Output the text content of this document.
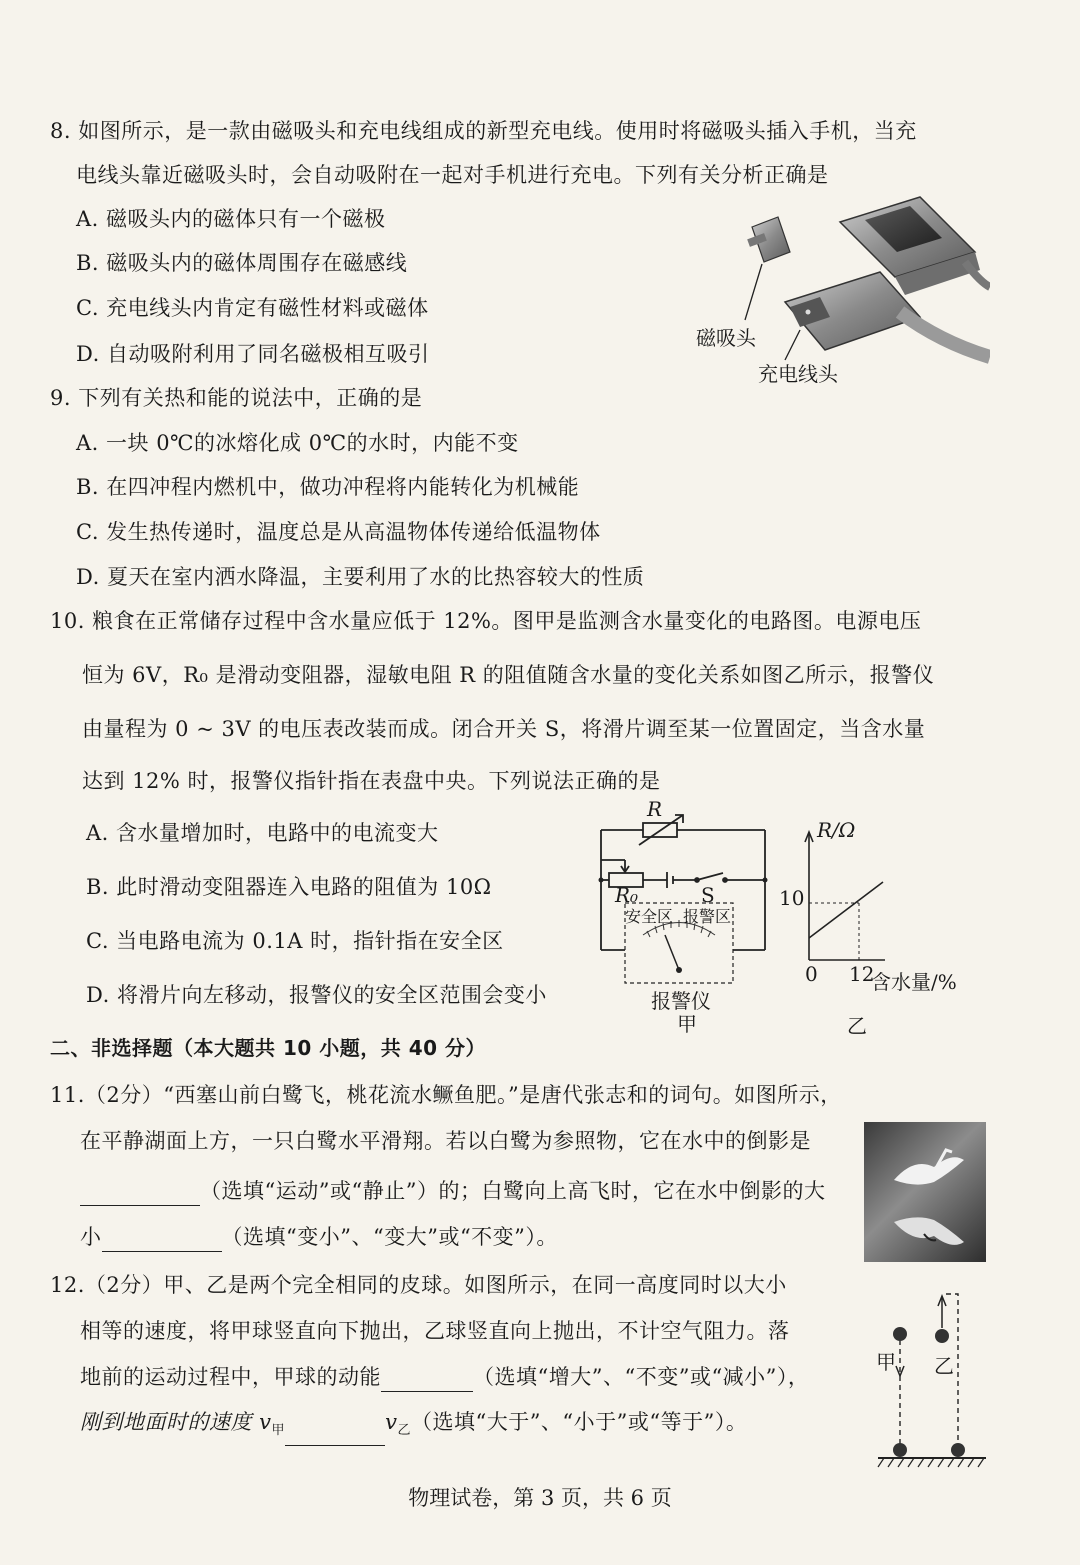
8. 如图所示，是一款由磁吸头和充电线组成的新型充电线。使用时将磁吸头插入手机，当充
电线头靠近磁吸头时，会自动吸附在一起对手机进行充电。下列有关分析正确是
A. 磁吸头内的磁体只有一个磁极
B. 磁吸头内的磁体周围存在磁感线
C. 充电线头内肯定有磁性材料或磁体
D. 自动吸附利用了同名磁极相互吸引
磁吸头
充电线头
9. 下列有关热和能的说法中，正确的是
A. 一块 0℃的冰熔化成 0℃的水时，内能不变
B. 在四冲程内燃机中，做功冲程将内能转化为机械能
C. 发生热传递时，温度总是从高温物体传递给低温物体
D. 夏天在室内洒水降温，主要利用了水的比热容较大的性质
10. 粮食在正常储存过程中含水量应低于 12%。图甲是监测含水量变化的电路图。电源电压
恒为 6V，R₀ 是滑动变阻器，湿敏电阻 R 的阻值随含水量的变化关系如图乙所示，报警仪
由量程为 0 ~ 3V 的电压表改装而成。闭合开关 S，将滑片调至某一位置固定，当含水量
达到 12% 时，报警仪指针指在表盘中央。下列说法正确的是
A. 含水量增加时，电路中的电流变大
B. 此时滑动变阻器连入电路的阻值为 10Ω
C. 当电路电流为 0.1A 时，指针指在安全区
D. 将滑片向左移动，报警仪的安全区范围会变小
R
R₀	S
安全区 报警区
报警仪
甲
R/Ω
10
0 12
含水量/%
乙
二、非选择题（本大题共 10 小题，共 40 分）
11.（2分）“西塞山前白鹭飞，桃花流水鳜鱼肥。”是唐代张志和的词句。如图所示，
在平静湖面上方，一只白鹭水平滑翔。若以白鹭为参照物，它在水中的倒影是
（选填“运动”或“静止”）的；白鹭向上高飞时，它在水中倒影的大
小	（选填“变小”、“变大”或“不变”）。
12.（2分）甲、乙是两个完全相同的皮球。如图所示，在同一高度同时以大小
相等的速度，将甲球竖直向下抛出，乙球竖直向上抛出，不计空气阻力。落
地前的运动过程中，甲球的动能	（选填“增大”、“不变”或“减小”），
刚到地面时的速度 $v_甲$	$v_乙$（选填“大于”、“小于”或“等于”）。
甲 乙
物理试卷，第 3 页，共 6 页
